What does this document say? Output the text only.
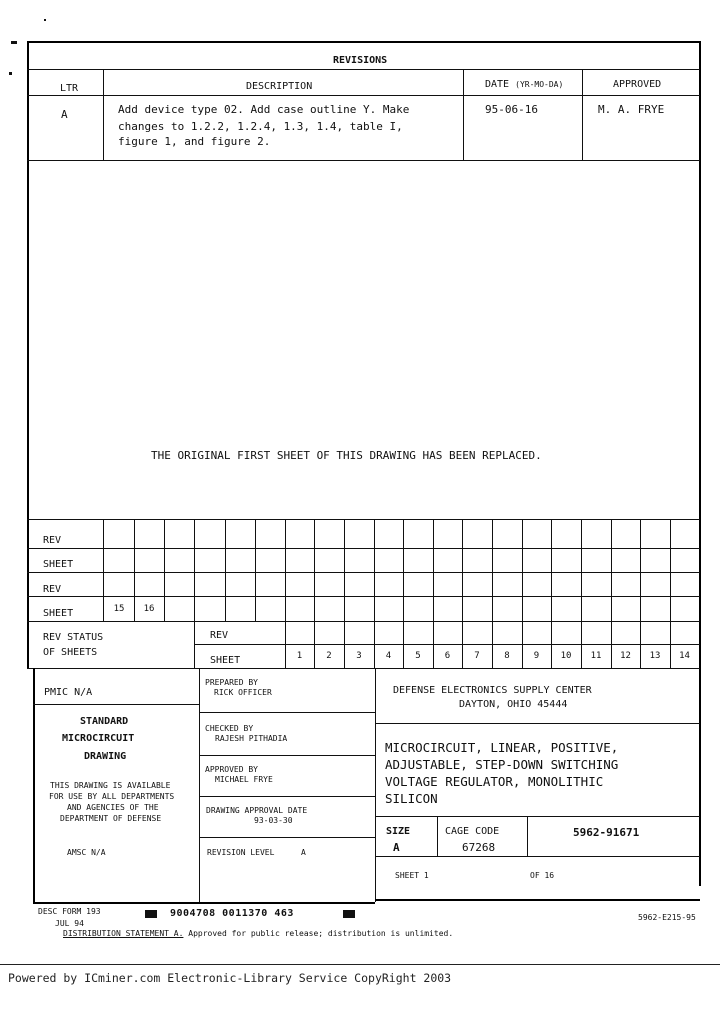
REVISIONS
LTR	DESCRIPTION	DATE (YR-MO-DA)	APPROVED
A	Add device type 02. Add case outline Y. Make
changes to 1.2.2, 1.2.4, 1.3, 1.4, table I,
figure 1, and figure 2.
95-06-16	M. A. FRYE
THE ORIGINAL FIRST SHEET OF THIS DRAWING HAS BEEN REPLACED.
REV
SHEET
REV
SHEET	15	16
REV STATUS
OF SHEETS
REV
SHEET	1	2	3	4	5	6	7	8	9	10	11	12	13	14
PMIC N/A
STANDARD
MICROCIRCUIT
DRAWING
THIS DRAWING IS AVAILABLE
FOR USE BY ALL DEPARTMENTS
AND AGENCIES OF THE
DEPARTMENT OF DEFENSE
AMSC N/A
PREPARED BY
RICK OFFICER
CHECKED BY
RAJESH PITHADIA
APPROVED BY
MICHAEL FRYE
DRAWING APPROVAL DATE
93-03-30
REVISION LEVEL	A
DEFENSE ELECTRONICS SUPPLY CENTER
DAYTON, OHIO 45444
MICROCIRCUIT, LINEAR, POSITIVE,
ADJUSTABLE, STEP-DOWN SWITCHING
VOLTAGE REGULATOR, MONOLITHIC
SILICON
SIZE
A
CAGE CODE
67268
5962-91671
SHEET 1	OF 16
DESC FORM 193
JUL 94
9004708 0011370 463	5962-E215-95
DISTRIBUTION STATEMENT A. Approved for public release; distribution is unlimited.
Powered by ICminer.com Electronic-Library Service CopyRight 2003
